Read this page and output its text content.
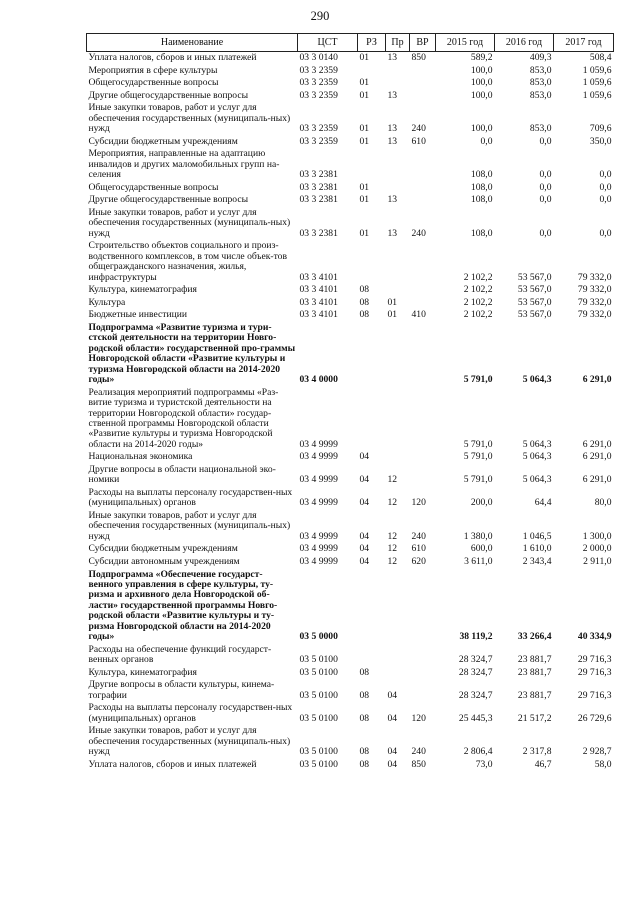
290
Наименование	ЦСТ	РЗ	Пр	ВР	2015 год	2016 год	2017 год
Уплата налогов, сборов и иных платежей	03 3 0140	01	13	850	589,2	409,3	508,4
Мероприятия в сфере культуры	03 3 2359				100,0	853,0	1 059,6
Общегосударственные вопросы	03 3 2359	01			100,0	853,0	1 059,6
Другие общегосударственные вопросы	03 3 2359	01	13		100,0	853,0	1 059,6
Иные закупки товаров, работ и услуг для обеспечения государственных (муниципаль-ных) нужд	03 3 2359	01	13	240	100,0	853,0	709,6
Субсидии бюджетным учреждениям	03 3 2359	01	13	610	0,0	0,0	350,0
Мероприятия, направленные на адаптацию инвалидов и других маломобильных групп на-селения	03 3 2381				108,0	0,0	0,0
Общегосударственные вопросы	03 3 2381	01			108,0	0,0	0,0
Другие общегосударственные вопросы	03 3 2381	01	13		108,0	0,0	0,0
Иные закупки товаров, работ и услуг для обеспечения государственных (муниципаль-ных) нужд	03 3 2381	01	13	240	108,0	0,0	0,0
Строительство объектов социального и произ-водственного комплексов, в том числе объек-тов общегражданского назначения, жилья, инфраструктуры	03 3 4101				2 102,2	53 567,0	79 332,0
Культура, кинематография	03 3 4101	08			2 102,2	53 567,0	79 332,0
Культура	03 3 4101	08	01		2 102,2	53 567,0	79 332,0
Бюджетные инвестиции	03 3 4101	08	01	410	2 102,2	53 567,0	79 332,0
Подпрограмма «Развитие туризма и тури-стской деятельности на территории Новго-родской области» государственной про-граммы Новгородской области «Развитие культуры и туризма Новгородской области на 2014-2020 годы»	03 4 0000				5 791,0	5 064,3	6 291,0
Реализация мероприятий подпрограммы «Раз-витие туризма и туристской деятельности на территории Новгородской области» государ-ственной программы Новгородской области «Развитие культуры и туризма Новгородской области на 2014-2020 годы»	03 4 9999				5 791,0	5 064,3	6 291,0
Национальная экономика	03 4 9999	04			5 791,0	5 064,3	6 291,0
Другие вопросы в области национальной эко-номики	03 4 9999	04	12		5 791,0	5 064,3	6 291,0
Расходы на выплаты персоналу государствен-ных (муниципальных) органов	03 4 9999	04	12	120	200,0	64,4	80,0
Иные закупки товаров, работ и услуг для обеспечения государственных (муниципаль-ных) нужд	03 4 9999	04	12	240	1 380,0	1 046,5	1 300,0
Субсидии бюджетным учреждениям	03 4 9999	04	12	610	600,0	1 610,0	2 000,0
Субсидии автономным учреждениям	03 4 9999	04	12	620	3 611,0	2 343,4	2 911,0
Подпрограмма «Обеспечение государст-венного управления в сфере культуры, ту-ризма и архивного дела Новгородской об-ласти» государственной программы Новго-родской области «Развитие культуры и ту-ризма Новгородской области на 2014-2020 годы»	03 5 0000				38 119,2	33 266,4	40 334,9
Расходы на обеспечение функций государст-венных органов	03 5 0100				28 324,7	23 881,7	29 716,3
Культура, кинематография	03 5 0100	08			28 324,7	23 881,7	29 716,3
Другие вопросы в области культуры, кинема-тографии	03 5 0100	08	04		28 324,7	23 881,7	29 716,3
Расходы на выплаты персоналу государствен-ных (муниципальных) органов	03 5 0100	08	04	120	25 445,3	21 517,2	26 729,6
Иные закупки товаров, работ и услуг для обеспечения государственных (муниципаль-ных) нужд	03 5 0100	08	04	240	2 806,4	2 317,8	2 928,7
Уплата налогов, сборов и иных платежей	03 5 0100	08	04	850	73,0	46,7	58,0
